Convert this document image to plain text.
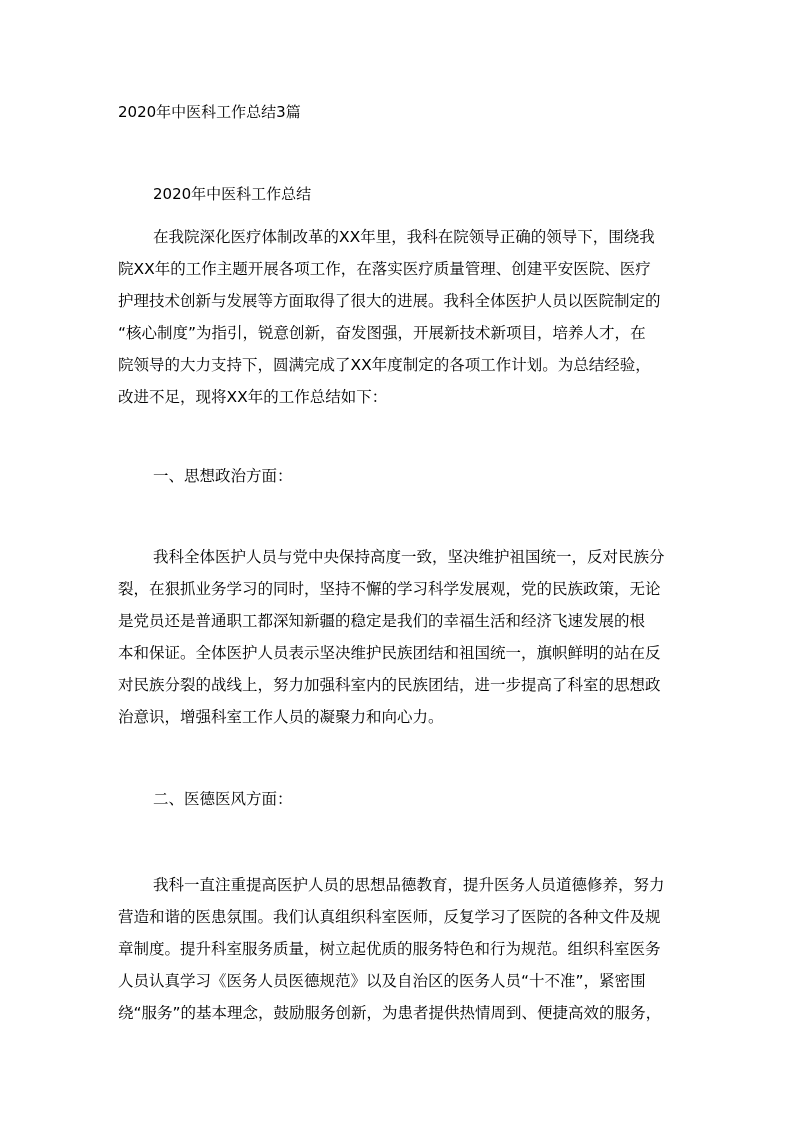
2020年中医科工作总结3篇
2020年中医科工作总结
在我院深化医疗体制改革的XX年里，我科在院领导正确的领导下，围绕我
院XX年的工作主题开展各项工作，在落实医疗质量管理、创建平安医院、医疗
护理技术创新与发展等方面取得了很大的进展。我科全体医护人员以医院制定的
“核心制度”为指引，锐意创新，奋发图强，开展新技术新项目，培养人才，在
院领导的大力支持下，圆满完成了XX年度制定的各项工作计划。为总结经验，
改进不足，现将XX年的工作总结如下：
一、思想政治方面：
我科全体医护人员与党中央保持高度一致，坚决维护祖国统一，反对民族分
裂，在狠抓业务学习的同时，坚持不懈的学习科学发展观，党的民族政策，无论
是党员还是普通职工都深知新疆的稳定是我们的幸福生活和经济飞速发展的根
本和保证。全体医护人员表示坚决维护民族团结和祖国统一，旗帜鲜明的站在反
对民族分裂的战线上，努力加强科室内的民族团结，进一步提高了科室的思想政
治意识，增强科室工作人员的凝聚力和向心力。
二、医德医风方面：
我科一直注重提高医护人员的思想品德教育，提升医务人员道德修养，努力
营造和谐的医患氛围。我们认真组织科室医师，反复学习了医院的各种文件及规
章制度。提升科室服务质量，树立起优质的服务特色和行为规范。组织科室医务
人员认真学习《医务人员医德规范》以及自治区的医务人员“十不准”，紧密围
绕“服务”的基本理念，鼓励服务创新，为患者提供热情周到、便捷高效的服务，
